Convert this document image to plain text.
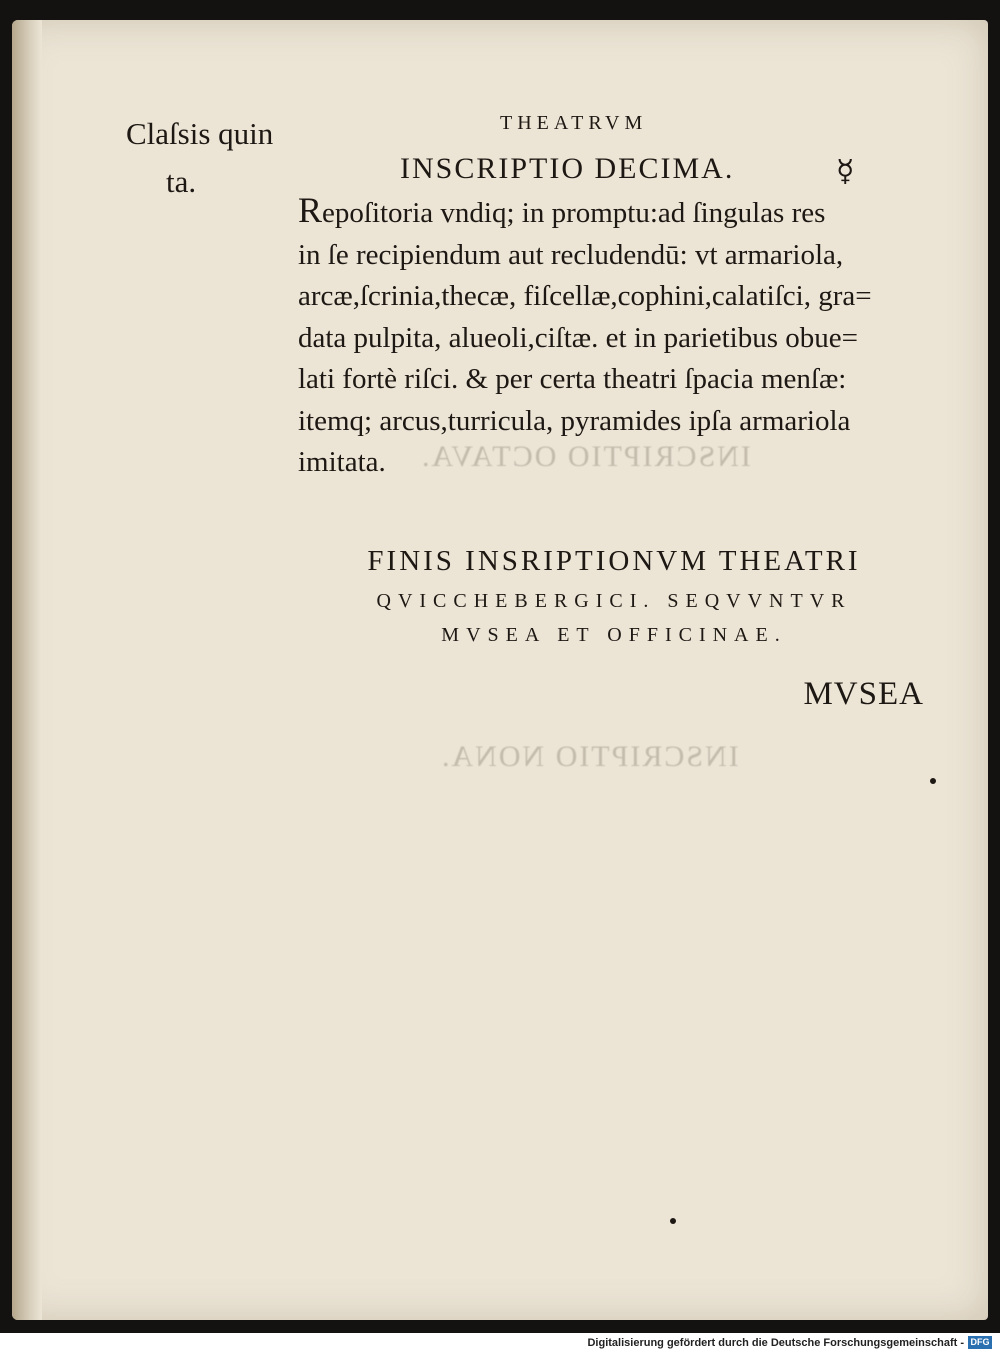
INSCRIPTIO OCTAVA.
INSCRIPTIO NONA.
Claſsis quin
ta.
THEATRVM
INSCRIPTIO DECIMA.	☿
Repoſitoria vndiq; in promptu:ad ſingulas res
in ſe recipiendum aut recludendū: vt armariola,
arcæ,ſcrinia,thecæ, fiſcellæ,cophini,calatiſci, gra=
data pulpita, alueoli,ciſtæ. et in parietibus obue=
lati fortè riſci. & per certa theatri ſpacia menſæ:
itemq; arcus,turricula, pyramides ipſa armariola
imitata.
FINIS INSRIPTIONVM THEATRI
QVICCHEBERGICI. SEQVVNTVR
MVSEA ET OFFICINAE.
MVSEA
Digitalisierung gefördert durch die Deutsche Forschungsgemeinschaft - DFG
